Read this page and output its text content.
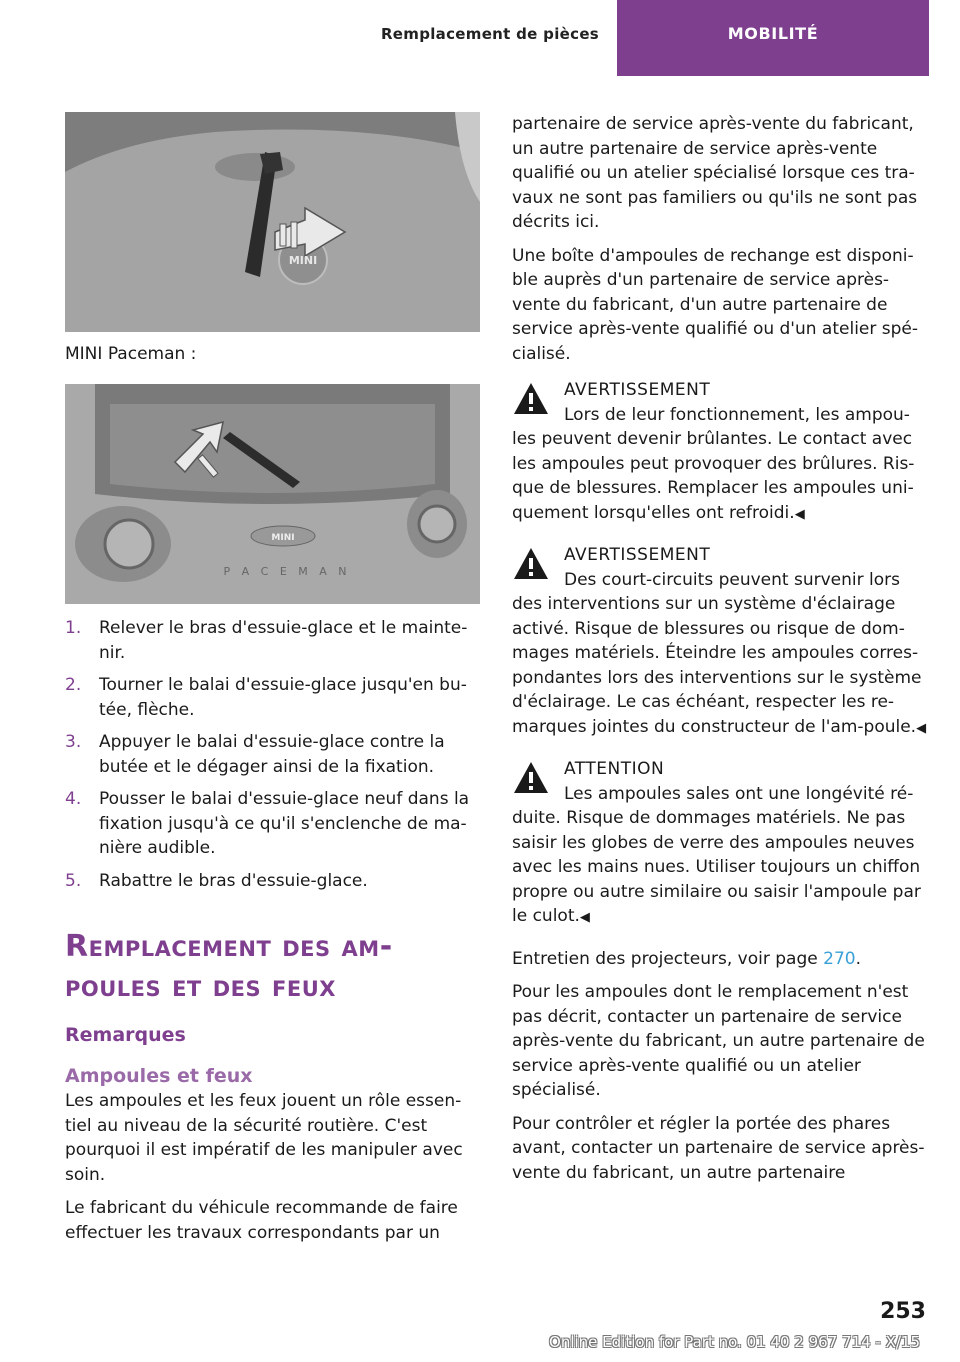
Remplacement de pièces	MOBILITÉ
MINI
MINI Paceman :
MINI
P A C E M A N
1. Relever le bras d'essuie-glace et le mainte-nir.
2. Tourner le balai d'essuie-glace jusqu'en bu-tée, flèche.
3. Appuyer le balai d'essuie-glace contre la butée et le dégager ainsi de la fixation.
4. Pousser le balai d'essuie-glace neuf dans la fixation jusqu'à ce qu'il s'enclenche de ma-nière audible.
5. Rabattre le bras d'essuie-glace.
Remplacement des am-poules et des feux
Remarques
Ampoules et feux

Les ampoules et les feux jouent un rôle essen-tiel au niveau de la sécurité routière. C'est pourquoi il est impératif de les manipuler avec soin.

Le fabricant du véhicule recommande de faire effectuer les travaux correspondants par un

partenaire de service après-vente du fabricant, un autre partenaire de service après-vente qualifié ou un atelier spécialisé lorsque ces tra-vaux ne sont pas familiers ou qu'ils ne sont pas décrits ici.

Une boîte d'ampoules de rechange est disponi-ble auprès d'un partenaire de service après-vente du fabricant, d'un autre partenaire de service après-vente qualifié ou d'un atelier spé-cialisé.

AVERTISSEMENT
Lors de leur fonctionnement, les ampou-
les peuvent devenir brûlantes. Le contact avec les ampoules peut provoquer des brûlures. Ris-que de blessures. Remplacer les ampoules uni-quement lorsqu'elles ont refroidi.◀
AVERTISSEMENT
Des court-circuits peuvent survenir lors
des interventions sur un système d'éclairage activé. Risque de blessures ou risque de dom-mages matériels. Éteindre les ampoules corres-pondantes lors des interventions sur le système d'éclairage. Le cas échéant, respecter les re-marques jointes du constructeur de l'am-poule.◀
ATTENTION
Les ampoules sales ont une longévité ré-
duite. Risque de dommages matériels. Ne pas saisir les globes de verre des ampoules neuves avec les mains nues. Utiliser toujours un chiffon propre ou autre similaire ou saisir l'ampoule par le culot.◀

Entretien des projecteurs, voir page 270.

Pour les ampoules dont le remplacement n'est pas décrit, contacter un partenaire de service après-vente du fabricant, un autre partenaire de service après-vente qualifié ou un atelier spécialisé.

Pour contrôler et régler la portée des phares avant, contacter un partenaire de service après-vente du fabricant, un autre partenaire

253
Online Edition for Part no. 01 40 2 967 714 - X/15
